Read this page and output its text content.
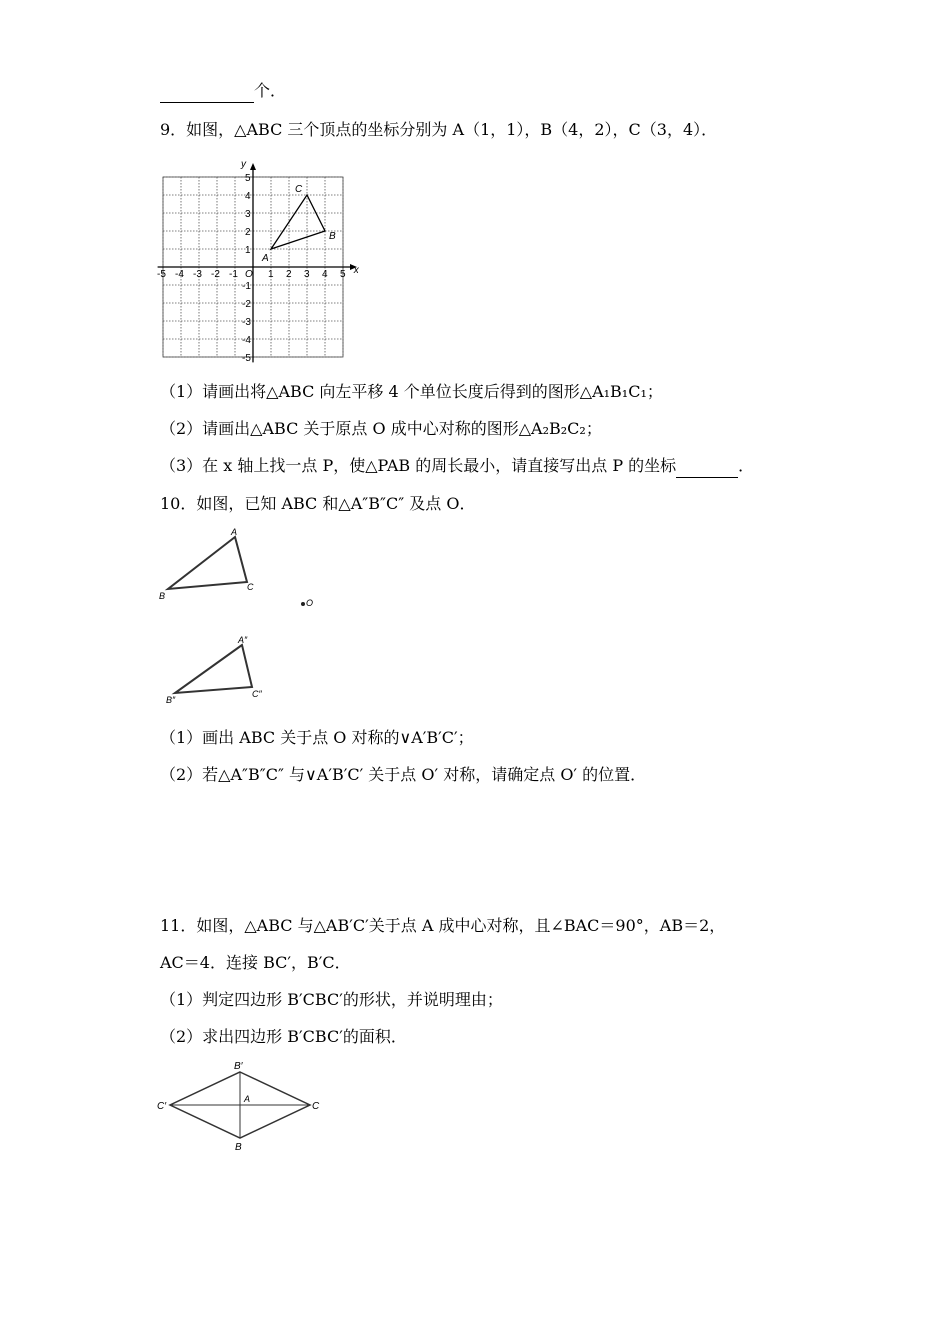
个．
9．如图，△ABC 三个顶点的坐标分别为 A（1，1），B（4，2），C（3，4）．
x
y
-5 -4 -3 -2 -1 O 1 2 3 4 5
5
4
3
2
1
-1
-2
-3
-4
-5
A
B
C
（1）请画出将△ABC 向左平移 4 个单位长度后得到的图形△A₁B₁C₁；
（2）请画出△ABC 关于原点 O 成中心对称的图形△A₂B₂C₂；
（3）在 x 轴上找一点 P，使△PAB 的周长最小，请直接写出点 P 的坐标	．
10．如图，已知 ABC 和△A″B″C″ 及点 O．
A
B
C
O
A″
B″
C″
（1）画出 ABC 关于点 O 对称的∨A′B′C′；
（2）若△A″B″C″ 与∨A′B′C′ 关于点 O′ 对称，请确定点 O′ 的位置．
11．如图，△ABC 与△AB′C′关于点 A 成中心对称，且∠BAC＝90°，AB＝2，
AC＝4．连接 BC′，B′C．
（1）判定四边形 B′CBC′的形状，并说明理由；
（2）求出四边形 B′CBC′的面积．
B′
C′
A
C
B
